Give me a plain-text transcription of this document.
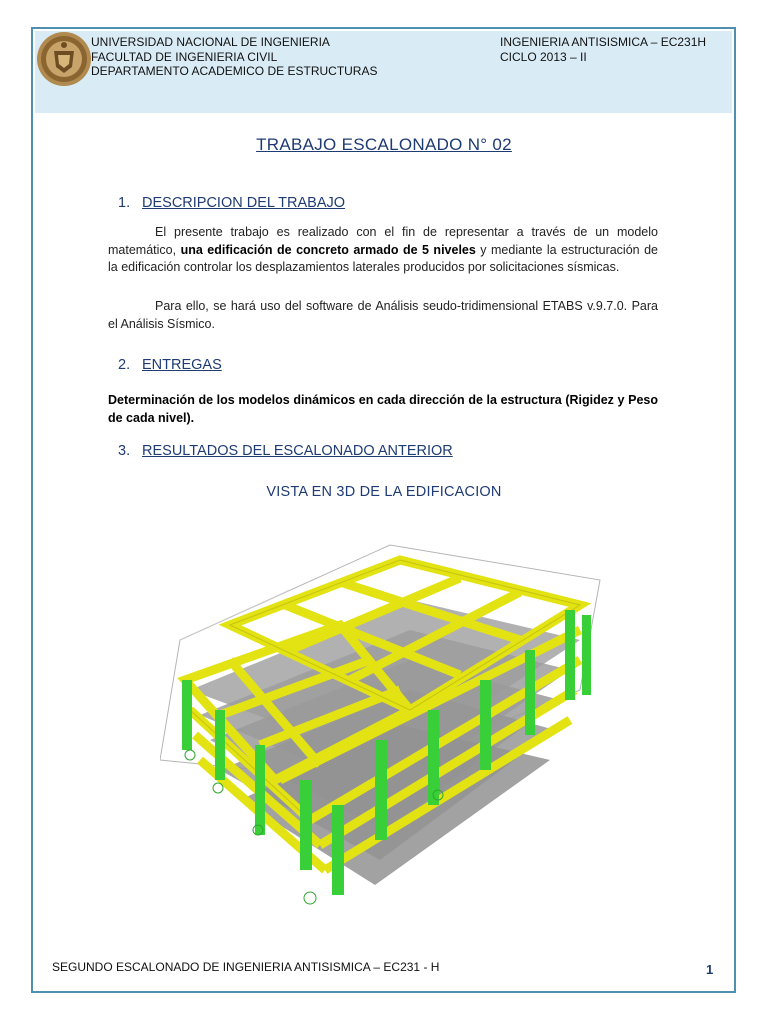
UNIVERSIDAD NACIONAL DE INGENIERIA
FACULTAD DE INGENIERIA CIVIL
DEPARTAMENTO ACADEMICO DE ESTRUCTURAS
INGENIERIA ANTISISMICA – EC231H
CICLO 2013 – II
TRABAJO ESCALONADO N° 02
1. DESCRIPCION DEL TRABAJO
El presente trabajo es realizado con el fin de representar a través de un modelo matemático, una edificación de concreto armado de 5 niveles y mediante la estructuración de la edificación controlar los desplazamientos laterales producidos por solicitaciones sísmicas.
Para ello, se hará uso del software de Análisis seudo-tridimensional ETABS v.9.7.0. Para el Análisis Sísmico.
2. ENTREGAS
Determinación de los modelos dinámicos en cada dirección de la estructura (Rigidez y Peso de cada nivel).
3. RESULTADOS DEL ESCALONADO ANTERIOR
VISTA EN 3D DE LA EDIFICACION
SEGUNDO ESCALONADO DE INGENIERIA ANTISISMICA – EC231 - H	1
